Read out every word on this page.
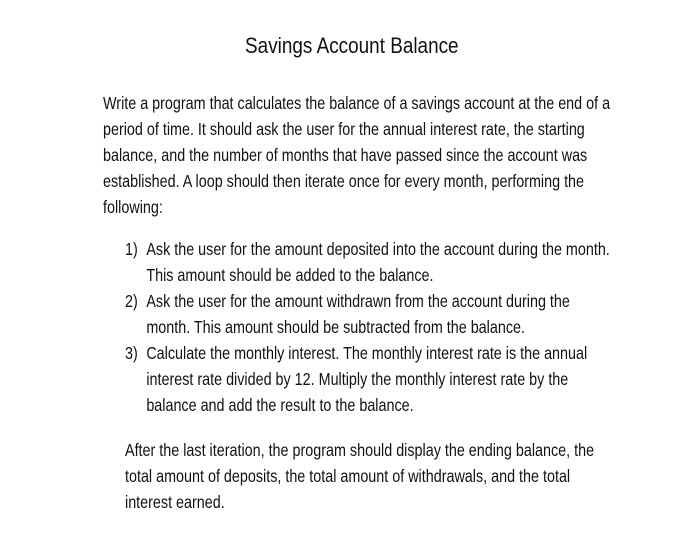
Savings Account Balance
Write a program that calculates the balance of a savings account at the end of a
period of time. It should ask the user for the annual interest rate, the starting
balance, and the number of months that have passed since the account was
established. A loop should then iterate once for every month, performing the
following:
1) Ask the user for the amount deposited into the account during the month.
This amount should be added to the balance.
2) Ask the user for the amount withdrawn from the account during the
month. This amount should be subtracted from the balance.
3) Calculate the monthly interest. The monthly interest rate is the annual
interest rate divided by 12. Multiply the monthly interest rate by the
balance and add the result to the balance.
After the last iteration, the program should display the ending balance, the
total amount of deposits, the total amount of withdrawals, and the total
interest earned.
